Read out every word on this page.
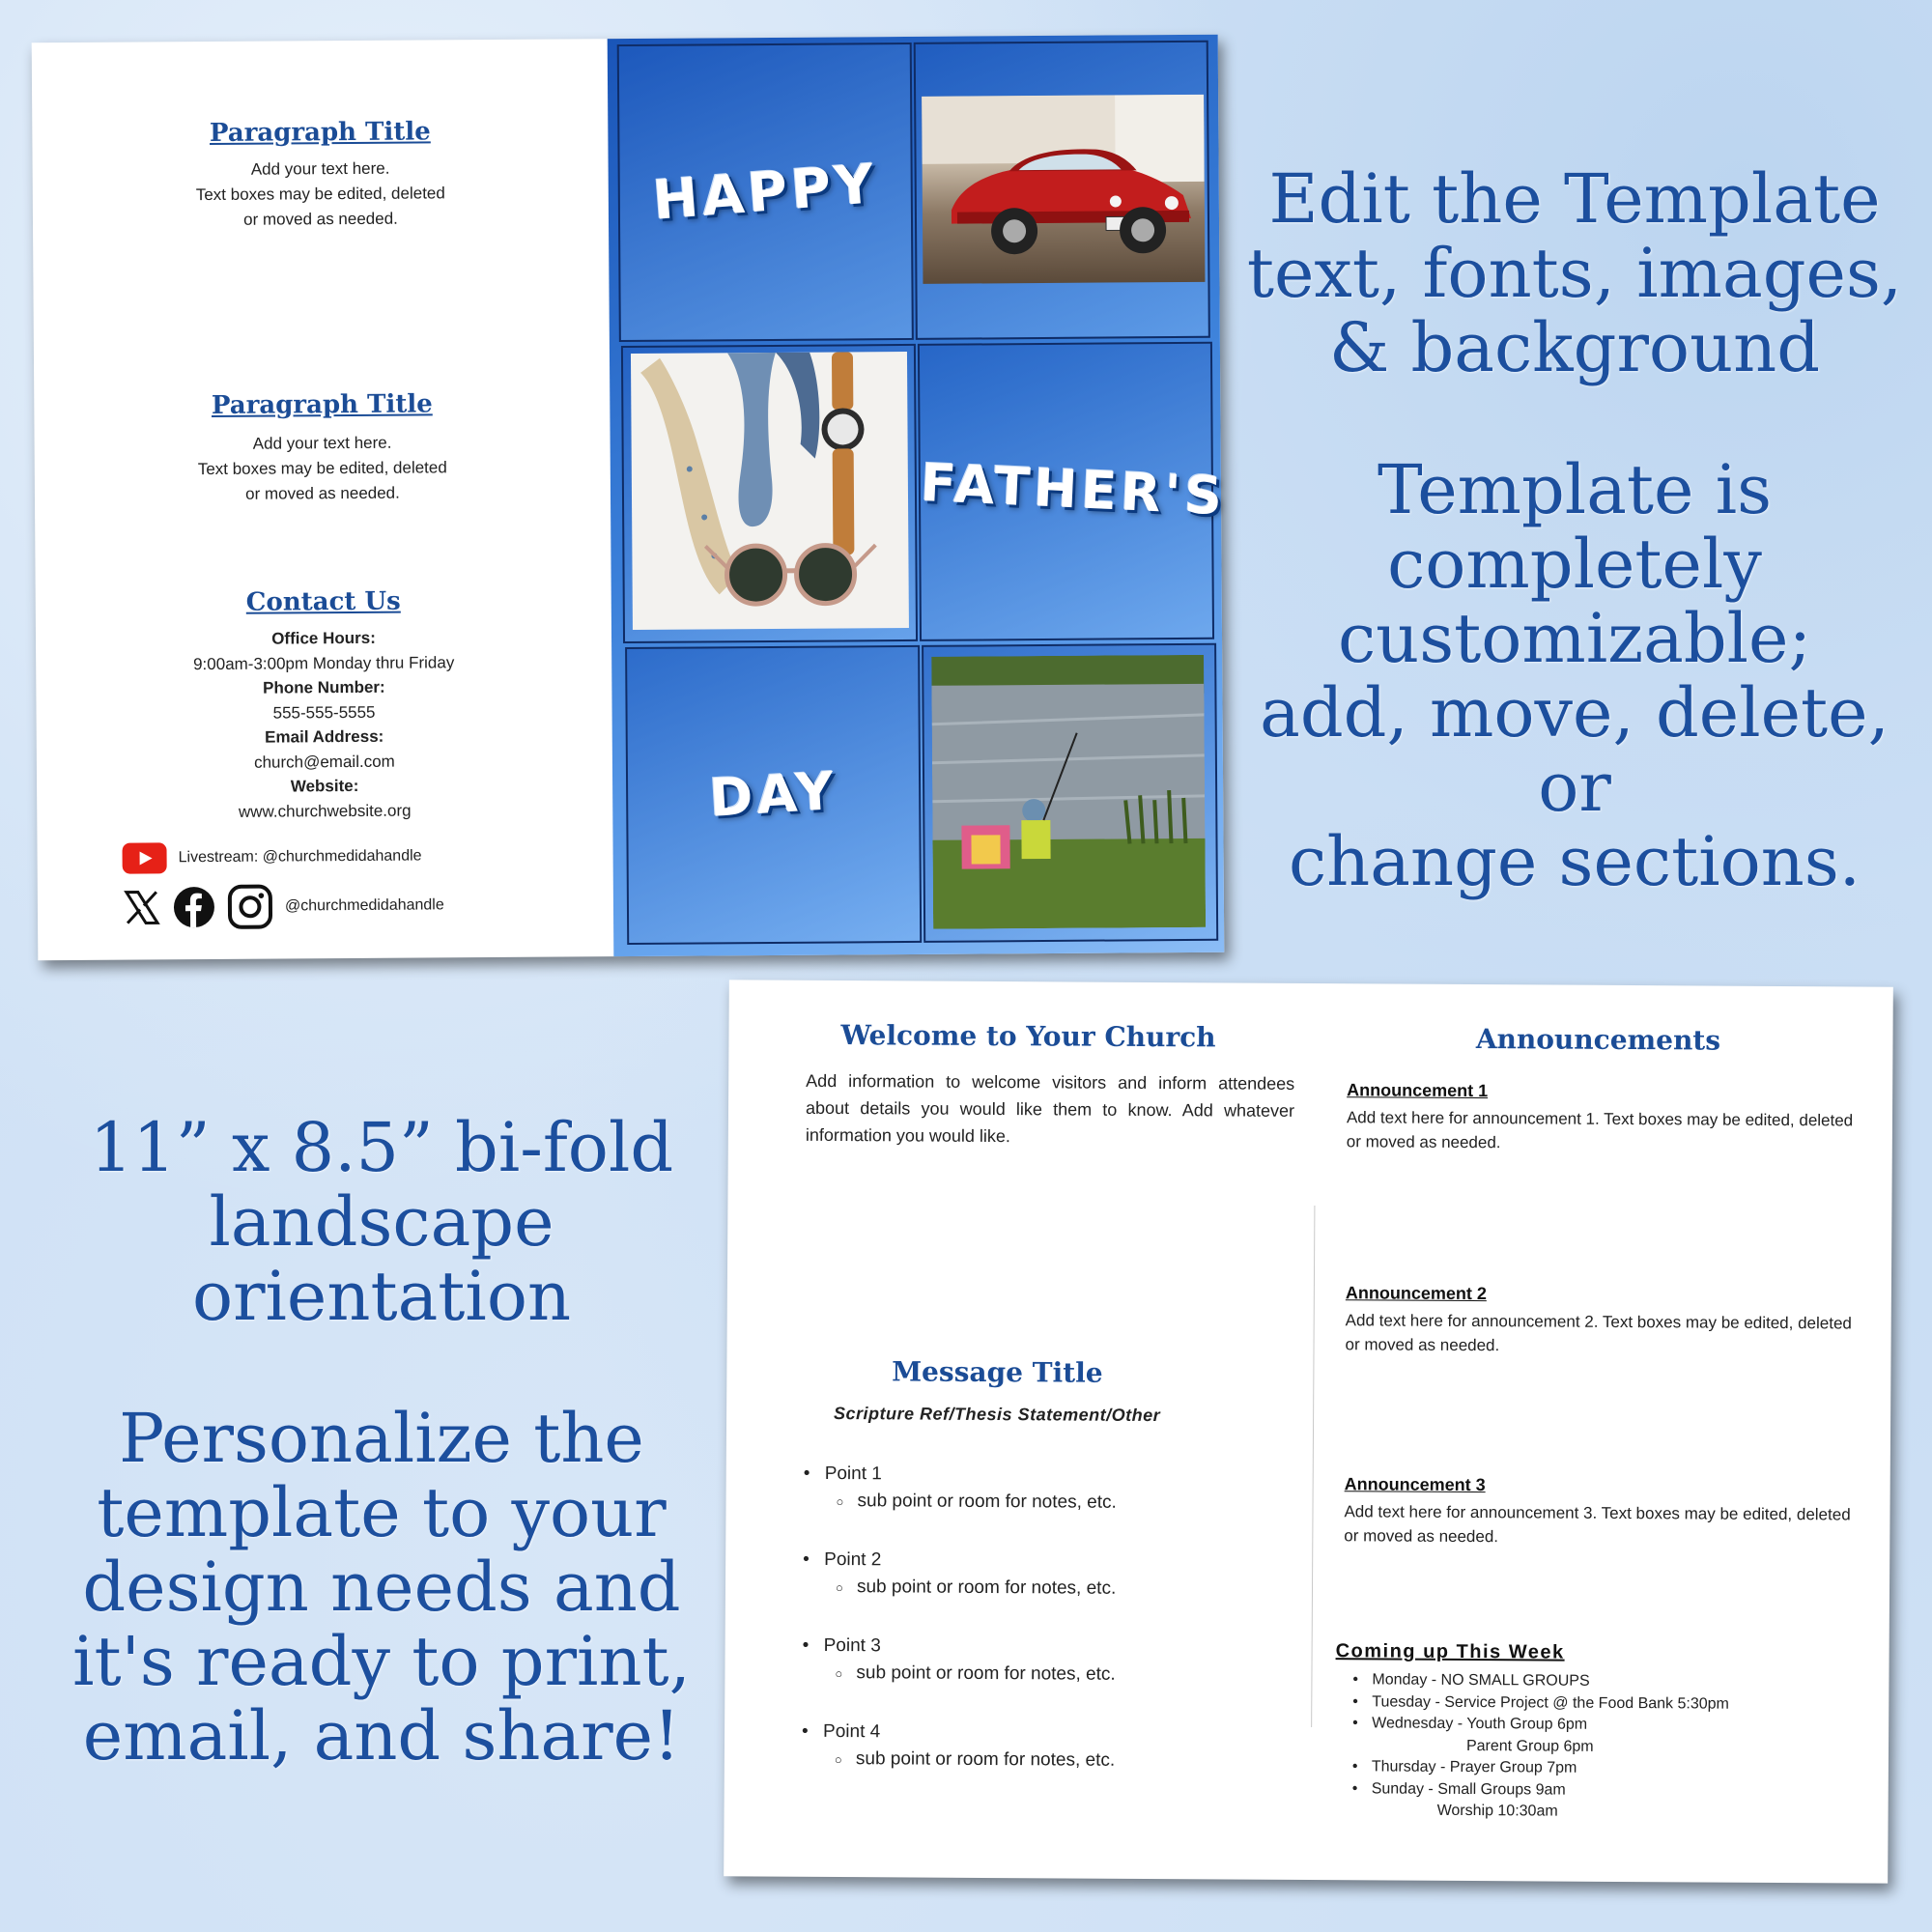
Paragraph Title
Add your text here.
Text boxes may be edited, deleted
or moved as needed.
Paragraph Title
Add your text here.
Text boxes may be edited, deleted
or moved as needed.
Contact Us
Office Hours:
9:00am-3:00pm Monday thru Friday
Phone Number:
555-555-5555
Email Address:
church@email.com
Website:
www.churchwebsite.org
Livestream: @churchmedidahandle
@churchmedidahandle
HAPPY
FATHER'S
DAY
Edit the Template
text, fonts, images,
& background
Template is
completely
customizable;
add, move, delete, or
change sections.
11” x 8.5” bi-fold
landscape
orientation
Personalize the
template to your
design needs and
it's ready to print,
email, and share!
Welcome to Your Church
Add information to welcome visitors and inform attendees about details you would like them to know. Add whatever information you would like.
Message Title
Scripture Ref/Thesis Statement/Other
• Point 1
○ sub point or room for notes, etc.
• Point 2
○ sub point or room for notes, etc.
• Point 3
○ sub point or room for notes, etc.
• Point 4
○ sub point or room for notes, etc.
Announcements
Announcement 1
Add text here for announcement 1. Text boxes may be edited, deleted or moved as needed.
Announcement 2
Add text here for announcement 2. Text boxes may be edited, deleted or moved as needed.
Announcement 3
Add text here for announcement 3. Text boxes may be edited, deleted or moved as needed.
Coming up This Week
• Monday - NO SMALL GROUPS
• Tuesday - Service Project @ the Food Bank 5:30pm
• Wednesday - Youth Group 6pm
Parent Group 6pm
• Thursday - Prayer Group 7pm
• Sunday - Small Groups 9am
Worship 10:30am
